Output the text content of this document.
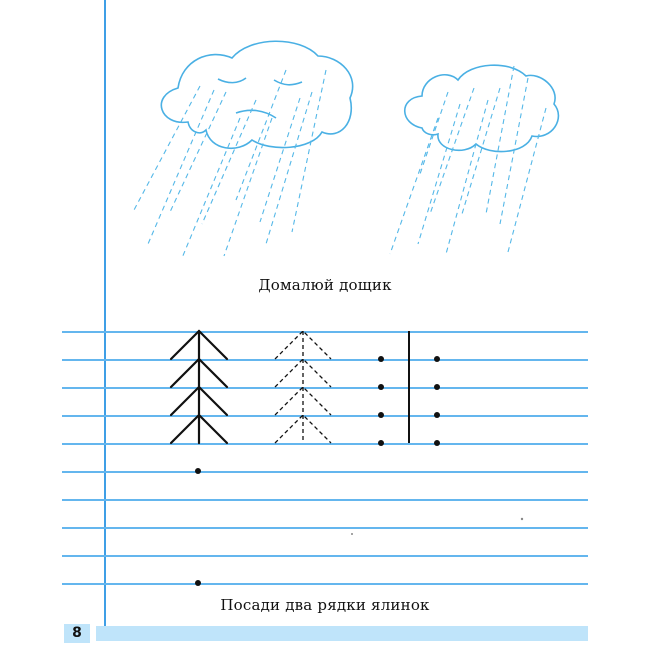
Домалюй дощик
Посади два рядки ялинок
8
